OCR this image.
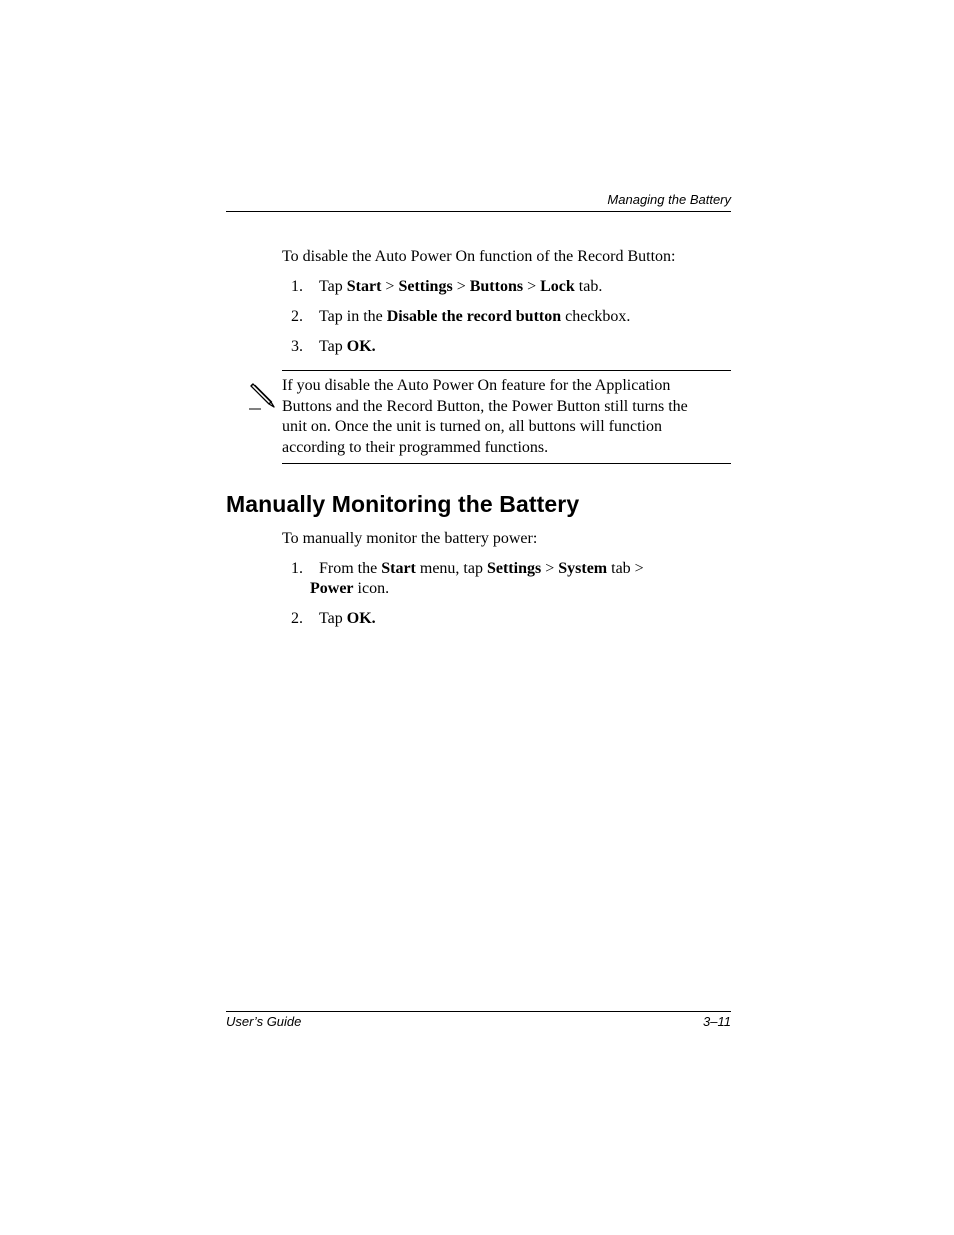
Managing the Battery
To disable the Auto Power On function of the Record Button:
1. Tap Start > Settings > Buttons > Lock tab.
2. Tap in the Disable the record button checkbox.
3. Tap OK.
If you disable the Auto Power On feature for the Application
Buttons and the Record Button, the Power Button still turns the
unit on. Once the unit is turned on, all buttons will function
according to their programmed functions.
Manually Monitoring the Battery
To manually monitor the battery power:
1. From the Start menu, tap Settings > System tab >
Power icon.
2. Tap OK.
User’s Guide	3–11
